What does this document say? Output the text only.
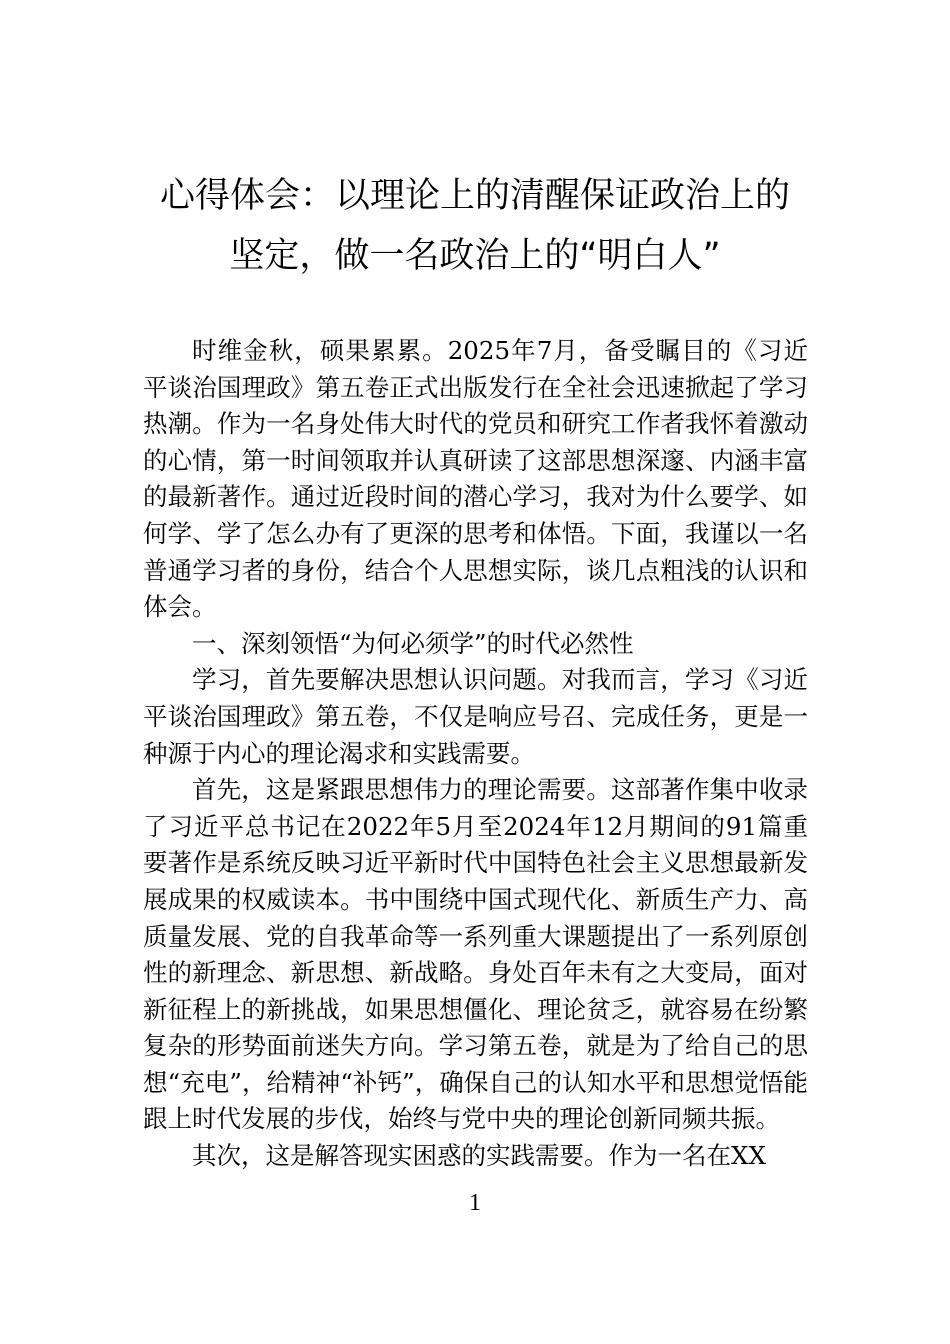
心得体会：以理论上的清醒保证政治上的
坚定，做一名政治上的“明白人”

时维金秋，硕果累累。2025年7月，备受瞩目的《习近平谈治国理政》第五卷正式出版发行在全社会迅速掀起了学习热潮。作为一名身处伟大时代的党员和研究工作者我怀着激动的心情，第一时间领取并认真研读了这部思想深邃、内涵丰富的最新著作。通过近段时间的潜心学习，我对为什么要学、如何学、学了怎么办有了更深的思考和体悟。下面，我谨以一名普通学习者的身份，结合个人思想实际，谈几点粗浅的认识和体会。

一、深刻领悟“为何必须学”的时代必然性

学习，首先要解决思想认识问题。对我而言，学习《习近平谈治国理政》第五卷，不仅是响应号召、完成任务，更是一种源于内心的理论渴求和实践需要。

首先，这是紧跟思想伟力的理论需要。这部著作集中收录了习近平总书记在2022年5月至2024年12月期间的91篇重要著作是系统反映习近平新时代中国特色社会主义思想最新发展成果的权威读本。书中围绕中国式现代化、新质生产力、高质量发展、党的自我革命等一系列重大课题提出了一系列原创性的新理念、新思想、新战略。身处百年未有之大变局，面对新征程上的新挑战，如果思想僵化、理论贫乏，就容易在纷繁复杂的形势面前迷失方向。学习第五卷，就是为了给自己的思想“充电”，给精神“补钙”，确保自己的认知水平和思想觉悟能跟上时代发展的步伐，始终与党中央的理论创新同频共振。

其次，这是解答现实困惑的实践需要。作为一名在XX

1
